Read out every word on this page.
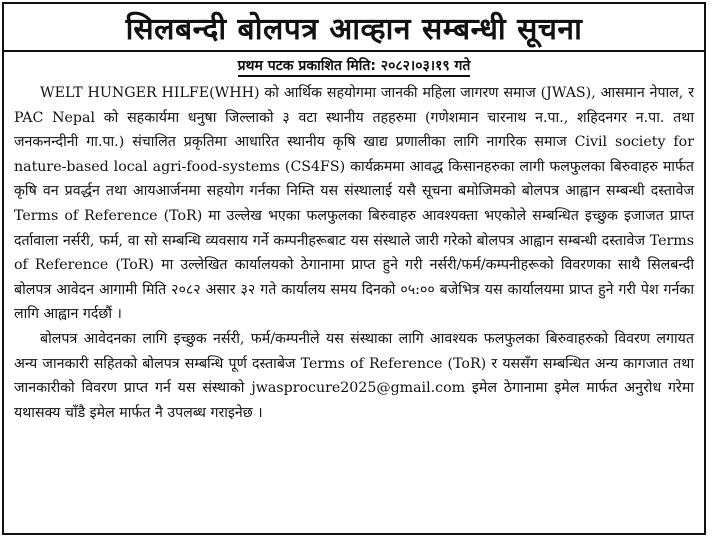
सिलबन्दी बोलपत्र आव्हान सम्बन्धी सूचना
प्रथम पटक प्रकाशित मिति: २०८२।०३।१९ गते

WELT HUNGER HILFE(WHH) को आर्थिक सहयोगमा जानकी महिला जागरण समाज (JWAS), आसमान नेपाल, र PAC Nepal को सहकार्यमा धनुषा जिल्लाको ३ वटा स्थानीय तहहरुमा (गणेशमान चारनाथ न.पा., शहिदनगर न.पा. तथा जनकनन्दीनी गा.पा.) संचालित प्रकृतिमा आधारित स्थानीय कृषि खाद्य प्रणालीका लागि नागरिक समाज Civil society for nature-based local agri-food-systems (CS4FS) कार्यक्रममा आवद्ध किसानहरुका लागी फलफुलका बिरुवाहरु मार्फत कृषि वन प्रवर्द्धन तथा आयआर्जनमा सहयोग गर्नका निम्ति यस संस्थालाई यसै सूचना बमोजिमको बोलपत्र आह्वान सम्बन्धी दस्तावेज Terms of Reference (ToR) मा उल्लेख भएका फलफुलका बिरुवाहरु आवश्यक्ता भएकोले सम्बन्धित इच्छुक इजाजत प्राप्त दर्तावाला नर्सरी, फर्म, वा सो सम्बन्धि व्यवसाय गर्ने कम्पनीहरूबाट यस संस्थाले जारी गरेको बोलपत्र आह्वान सम्बन्धी दस्तावेज Terms of Reference (ToR) मा उल्लेखित कार्यालयको ठेगानामा प्राप्त हुने गरी नर्सरी/फर्म/कम्पनीहरूको विवरणका साथै सिलबन्दी बोलपत्र आवेदन आगामी मिति २०८२ असार ३२ गते कार्यालय समय दिनको ०५:०० बजेभित्र यस कार्यालयमा प्राप्त हुने गरी पेश गर्नका लागि आह्वान गर्दछौं ।

बोलपत्र आवेदनका लागि इच्छुक नर्सरी, फर्म/कम्पनीले यस संस्थाका लागि आवश्यक फलफुलका बिरुवाहरुको विवरण लगायत अन्य जानकारी सहितको बोलपत्र सम्बन्धि पूर्ण दस्ताबेज Terms of Reference (ToR) र यससँग सम्बन्धित अन्य कागजात तथा जानकारीको विवरण प्राप्त गर्न यस संस्थाको jwasprocure2025@gmail.com इमेल ठेगानामा इमेल मार्फत अनुरोध गरेमा यथासक्य चाँडै इमेल मार्फत नै उपलब्ध गराइनेछ ।
